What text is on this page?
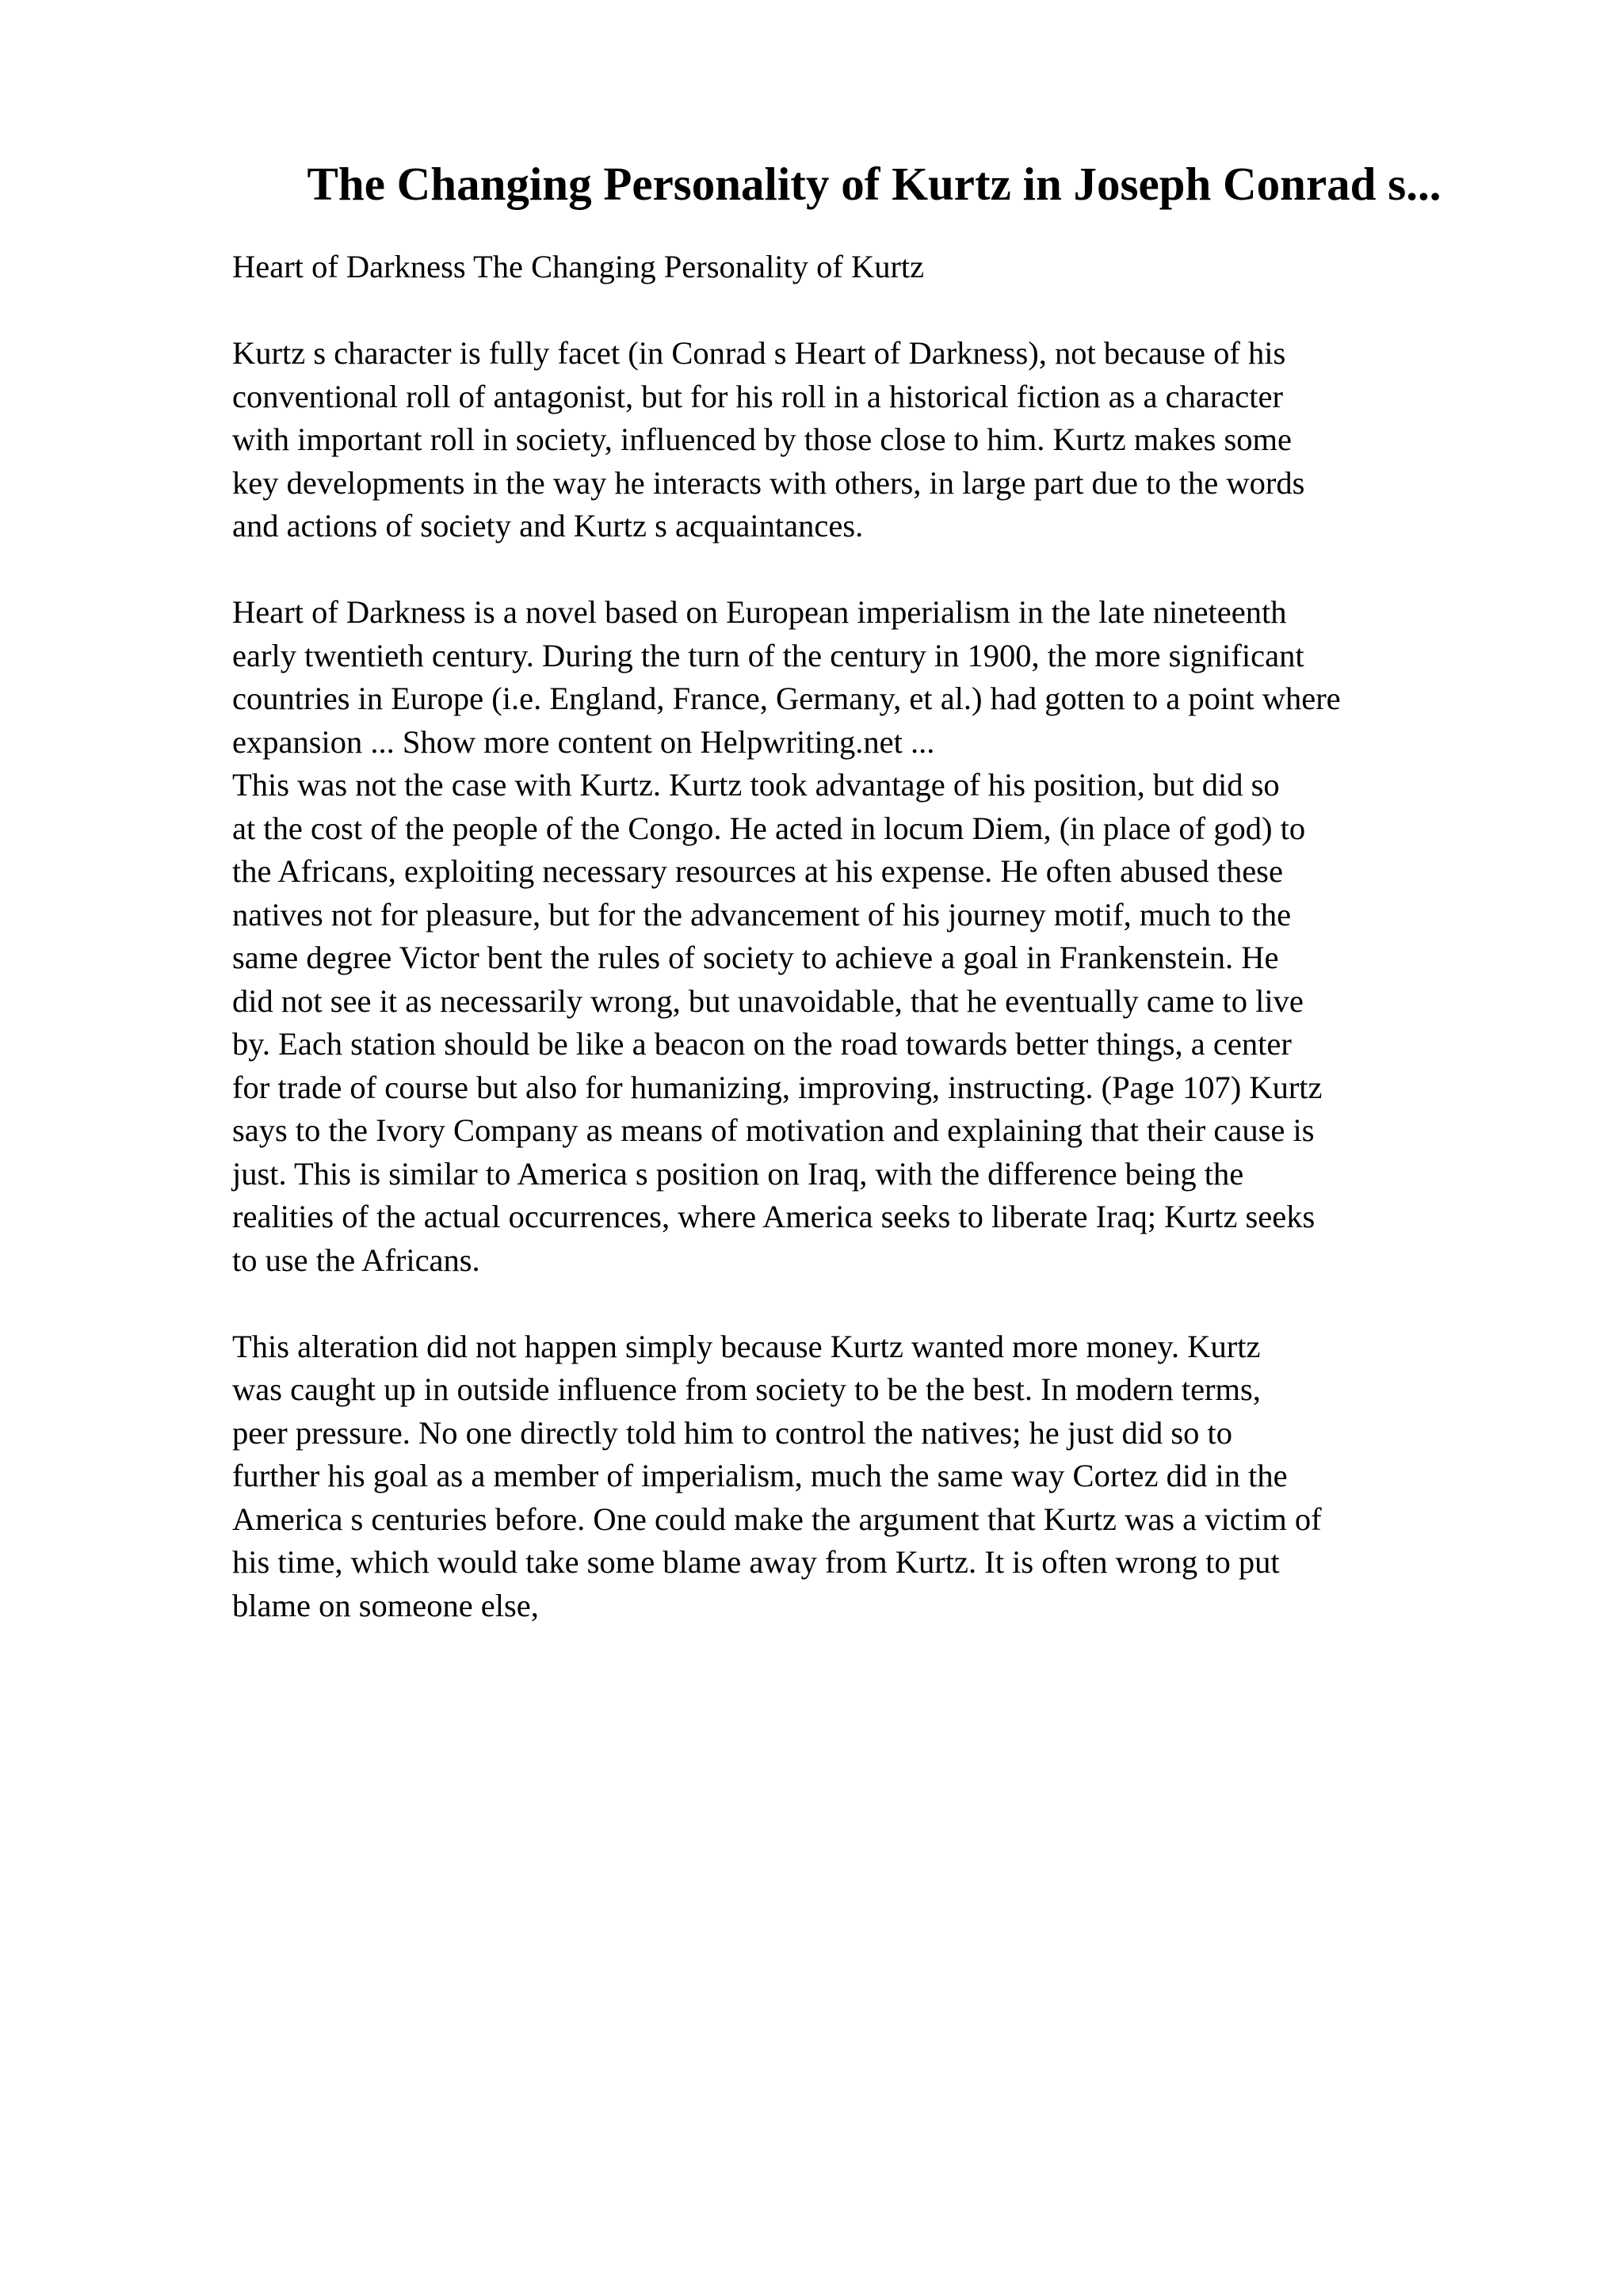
The Changing Personality of Kurtz in Joseph Conrad s...

Heart of Darkness The Changing Personality of Kurtz

Kurtz s character is fully facet (in Conrad s Heart of Darkness), not because of his
conventional roll of antagonist, but for his roll in a historical fiction as a character
with important roll in society, influenced by those close to him. Kurtz makes some
key developments in the way he interacts with others, in large part due to the words
and actions of society and Kurtz s acquaintances.

Heart of Darkness is a novel based on European imperialism in the late nineteenth
early twentieth century. During the turn of the century in 1900, the more significant
countries in Europe (i.e. England, France, Germany, et al.) had gotten to a point where
expansion ... Show more content on Helpwriting.net ...
This was not the case with Kurtz. Kurtz took advantage of his position, but did so
at the cost of the people of the Congo. He acted in locum Diem, (in place of god) to
the Africans, exploiting necessary resources at his expense. He often abused these
natives not for pleasure, but for the advancement of his journey motif, much to the
same degree Victor bent the rules of society to achieve a goal in Frankenstein. He
did not see it as necessarily wrong, but unavoidable, that he eventually came to live
by. Each station should be like a beacon on the road towards better things, a center
for trade of course but also for humanizing, improving, instructing. (Page 107) Kurtz
says to the Ivory Company as means of motivation and explaining that their cause is
just. This is similar to America s position on Iraq, with the difference being the
realities of the actual occurrences, where America seeks to liberate Iraq; Kurtz seeks
to use the Africans.

This alteration did not happen simply because Kurtz wanted more money. Kurtz
was caught up in outside influence from society to be the best. In modern terms,
peer pressure. No one directly told him to control the natives; he just did so to
further his goal as a member of imperialism, much the same way Cortez did in the
America s centuries before. One could make the argument that Kurtz was a victim of
his time, which would take some blame away from Kurtz. It is often wrong to put
blame on someone else,
